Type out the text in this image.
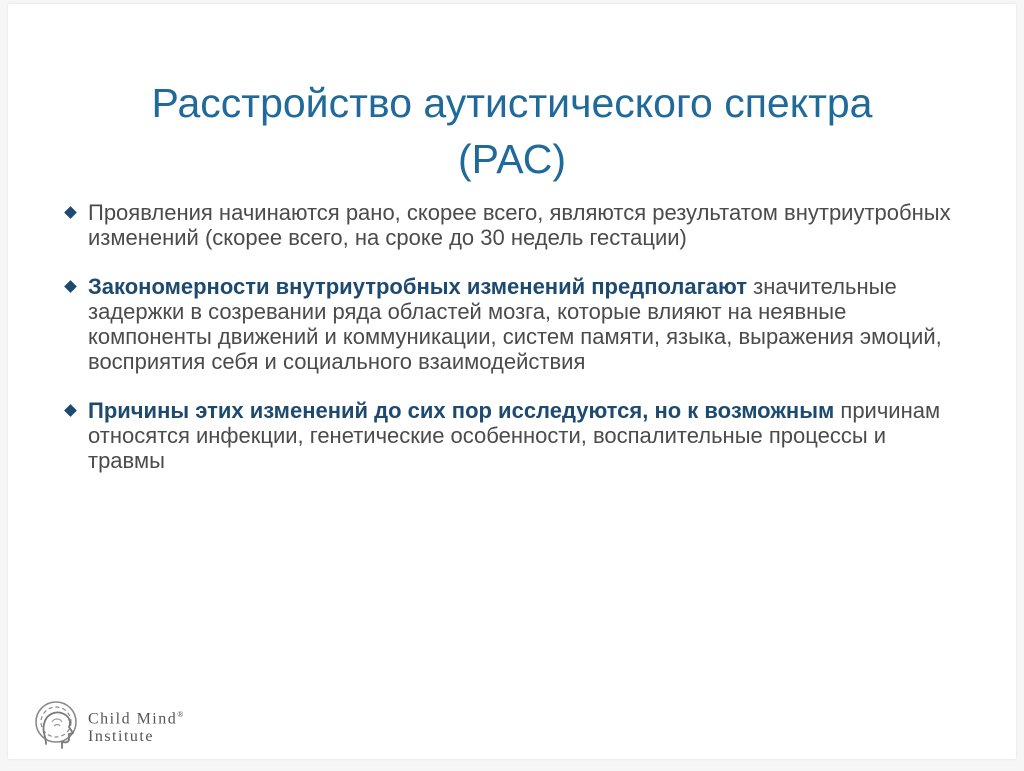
Расстройство аутистического спектра
(РАС)
Проявления начинаются рано, скорее всего, являются результатом внутриутробных изменений (скорее всего, на сроке до 30 недель гестации)
Закономерности внутриутробных изменений предполагают значительные задержки в созревании ряда областей мозга, которые влияют на неявные компоненты движений и коммуникации, систем памяти, языка, выражения эмоций, восприятия себя и социального взаимодействия
Причины этих изменений до сих пор исследуются, но к возможным причинам относятся инфекции, генетические особенности, воспалительные процессы и травмы
Child Mind®
Institute
